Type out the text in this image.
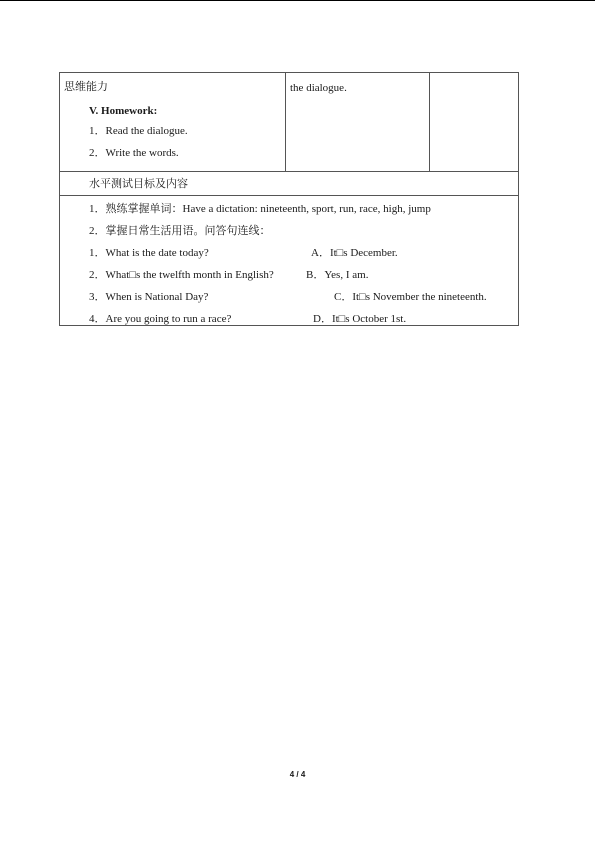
思维能力
V. Homework:
1．Read the dialogue.
2．Write the words.
the dialogue.
水平测试目标及内容
1．熟练掌握单词：Have a dictation: nineteenth, sport, run, race, high, jump
2．掌握日常生活用语。问答句连线：
1．What is the date today?
2．What□s the twelfth month in English?
3．When is National Day?
4．Are you going to run a race?
A．It□s December.
B．Yes, I am.
C．It□s November the nineteenth.
D．It□s October 1st.
4 / 4
